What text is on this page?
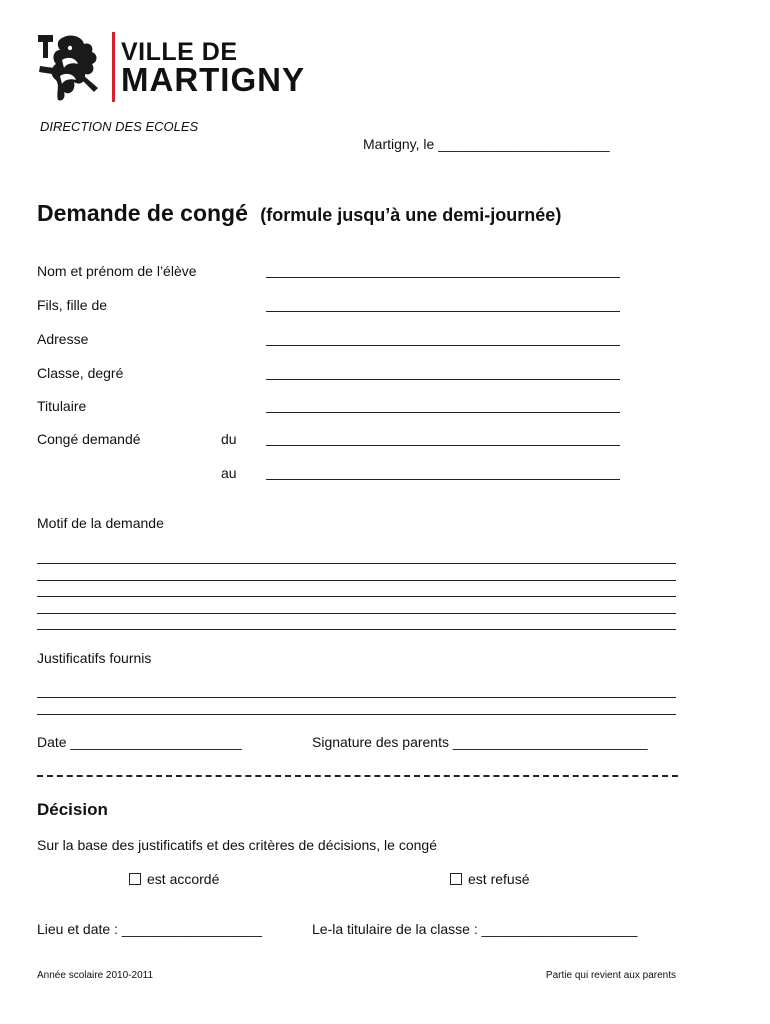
VILLE DE
MARTIGNY
DIRECTION DES ECOLES
Martigny, le ______________________
Demande de congé (formule jusqu’à une demi-journée)
Nom et prénom de l’élève
Fils, fille de
Adresse
Classe, degré
Titulaire
Congé demandé	du
au
Motif de la demande
Justificatifs fournis
Date ______________________	Signature des parents _________________________
Décision
Sur la base des justificatifs et des critères de décisions, le congé
est accordé	est refusé
Lieu et date : __________________	Le-la titulaire de la classe : ____________________
Année scolaire 2010-2011	Partie qui revient aux parents
